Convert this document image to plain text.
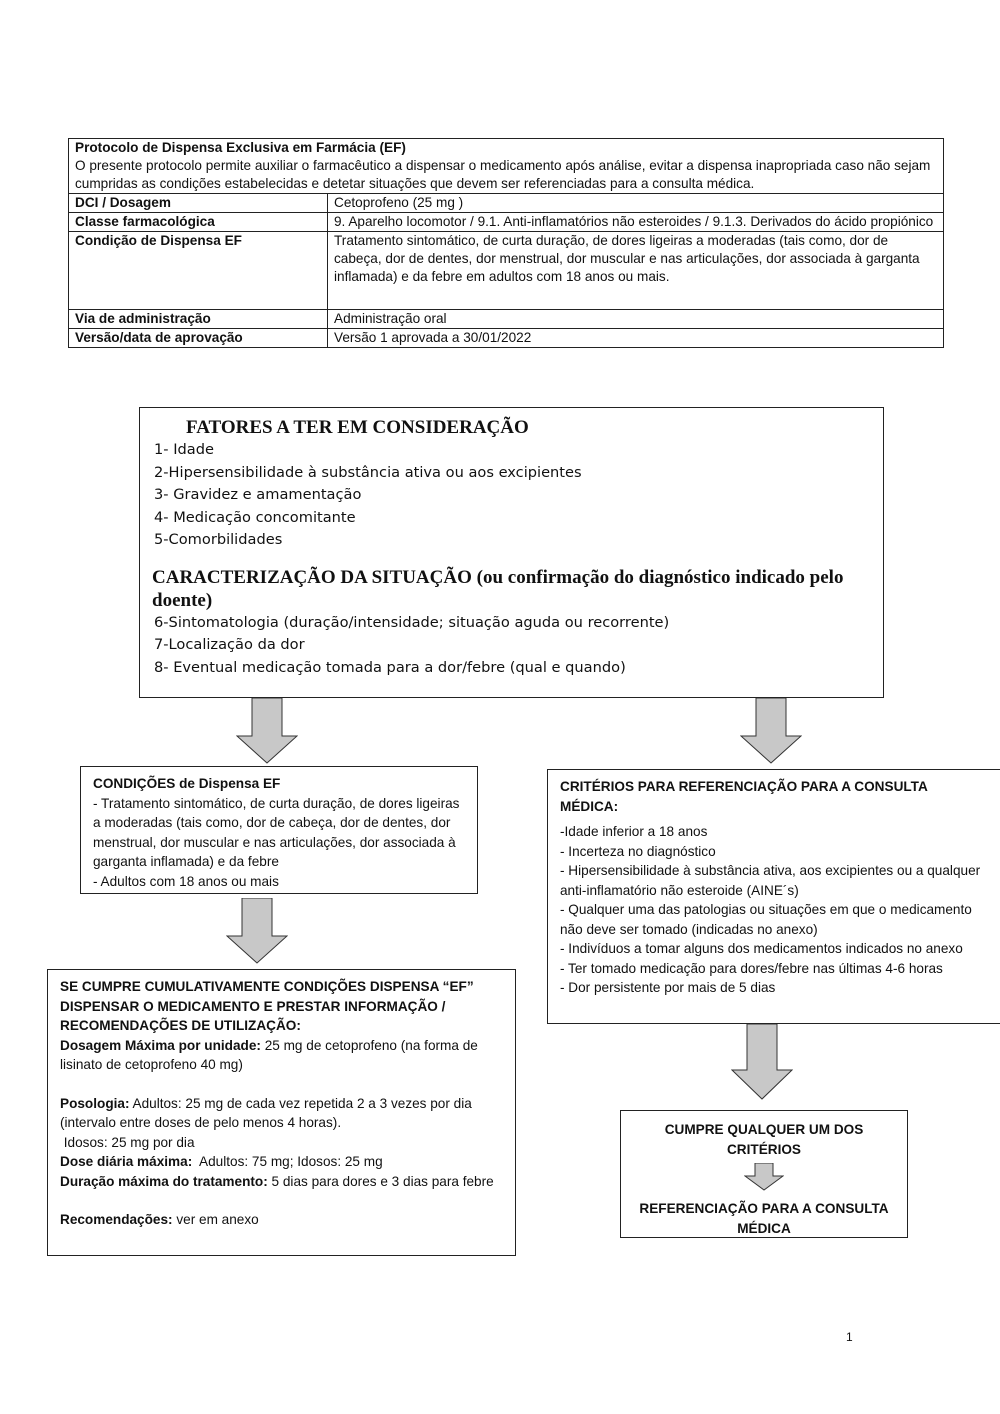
Protocolo de Dispensa Exclusiva em Farmácia (EF)
O presente protocolo permite auxiliar o farmacêutico a dispensar o medicamento após análise, evitar a dispensa inapropriada caso não sejam cumpridas as condições estabelecidas e detetar situações que devem ser referenciadas para a consulta médica.	

DCI / Dosagem	Cetoprofeno (25 mg )
Classe farmacológica	9. Aparelho locomotor / 9.1. Anti-inflamatórios não esteroides / 9.1.3. Derivados do ácido propiónico
Condição de Dispensa EF	Tratamento sintomático, de curta duração, de dores ligeiras a moderadas (tais como, dor de cabeça, dor de dentes, dor menstrual, dor muscular e nas articulações, dor associada à garganta inflamada) e da febre em adultos com 18 anos ou mais.
Via de administração	Administração oral
Versão/data de aprovação	Versão 1 aprovada a 30/01/2022
FATORES A TER EM CONSIDERAÇÃO
1- Idade
2-Hipersensibilidade à substância ativa ou aos excipientes
3- Gravidez e amamentação
4- Medicação concomitante
5-Comorbilidades
CARACTERIZAÇÃO DA SITUAÇÃO (ou confirmação do diagnóstico indicado pelo doente)
6-Sintomatologia (duração/intensidade; situação aguda ou recorrente)
7-Localização da dor
8- Eventual medicação tomada para a dor/febre (qual e quando)
CONDIÇÕES de Dispensa EF
- Tratamento sintomático, de curta duração, de dores ligeiras a moderadas (tais como, dor de cabeça, dor de dentes, dor menstrual, dor muscular e nas articulações, dor associada à garganta inflamada) e da febre
- Adultos com 18 anos ou mais
CRITÉRIOS PARA REFERENCIAÇÃO PARA A CONSULTA MÉDICA:
-Idade inferior a 18 anos
- Incerteza no diagnóstico
- Hipersensibilidade à substância ativa, aos excipientes ou a qualquer anti-inflamatório não esteroide (AINE´s)
- Qualquer uma das patologias ou situações em que o medicamento não deve ser tomado (indicadas no anexo)
- Indivíduos a tomar alguns dos medicamentos indicados no anexo
- Ter tomado medicação para dores/febre nas últimas 4-6 horas
- Dor persistente por mais de 5 dias
SE CUMPRE CUMULATIVAMENTE CONDIÇÕES DISPENSA “EF” DISPENSAR O MEDICAMENTO E PRESTAR INFORMAÇÃO / RECOMENDAÇÕES DE UTILIZAÇÃO:
Dosagem Máxima por unidade: 25 mg de cetoprofeno (na forma de lisinato de cetoprofeno 40 mg)
Posologia: Adultos: 25 mg de cada vez repetida 2 a 3 vezes por dia (intervalo entre doses de pelo menos 4 horas).
Idosos: 25 mg por dia
Dose diária máxima:  Adultos: 75 mg; Idosos: 25 mg
Duração máxima do tratamento: 5 dias para dores e 3 dias para febre
Recomendações: ver em anexo
CUMPRE QUALQUER UM DOS CRITÉRIOS
REFERENCIAÇÃO PARA A CONSULTA MÉDICA
1
